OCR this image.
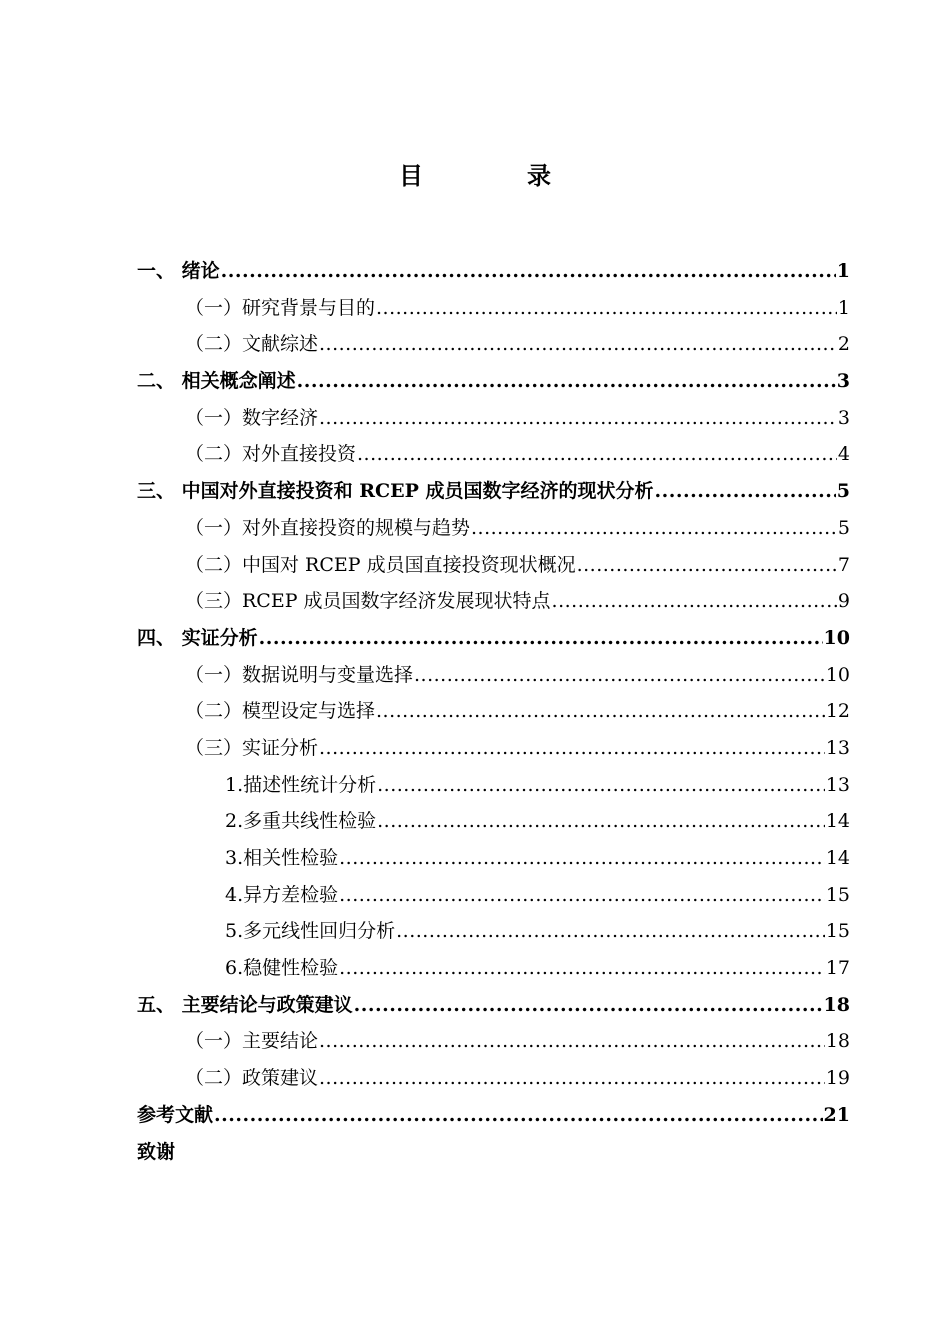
目　录
一、 绪论 .....	1
（一）研究背景与目的 .....	1
（二）文献综述 .....	2
二、 相关概念阐述 .....	3
（一）数字经济 .....	3
（二）对外直接投资 .....	4
三、 中国对外直接投资和 RCEP 成员国数字经济的现状分析 .....	5
（一）对外直接投资的规模与趋势 .....	5
（二）中国对 RCEP 成员国直接投资现状概况 .....	7
（三）RCEP 成员国数字经济发展现状特点 .....	9
四、 实证分析 .....	10
（一）数据说明与变量选择 .....	10
（二）模型设定与选择 .....	12
（三）实证分析 .....	13
1.描述性统计分析 .....	13
2.多重共线性检验 .....	14
3.相关性检验 .....	14
4.异方差检验 .....	15
5.多元线性回归分析 .....	15
6.稳健性检验 .....	17
五、 主要结论与政策建议 .....	18
（一）主要结论 .....	18
（二）政策建议 .....	19
参考文献 .....	21
致谢
